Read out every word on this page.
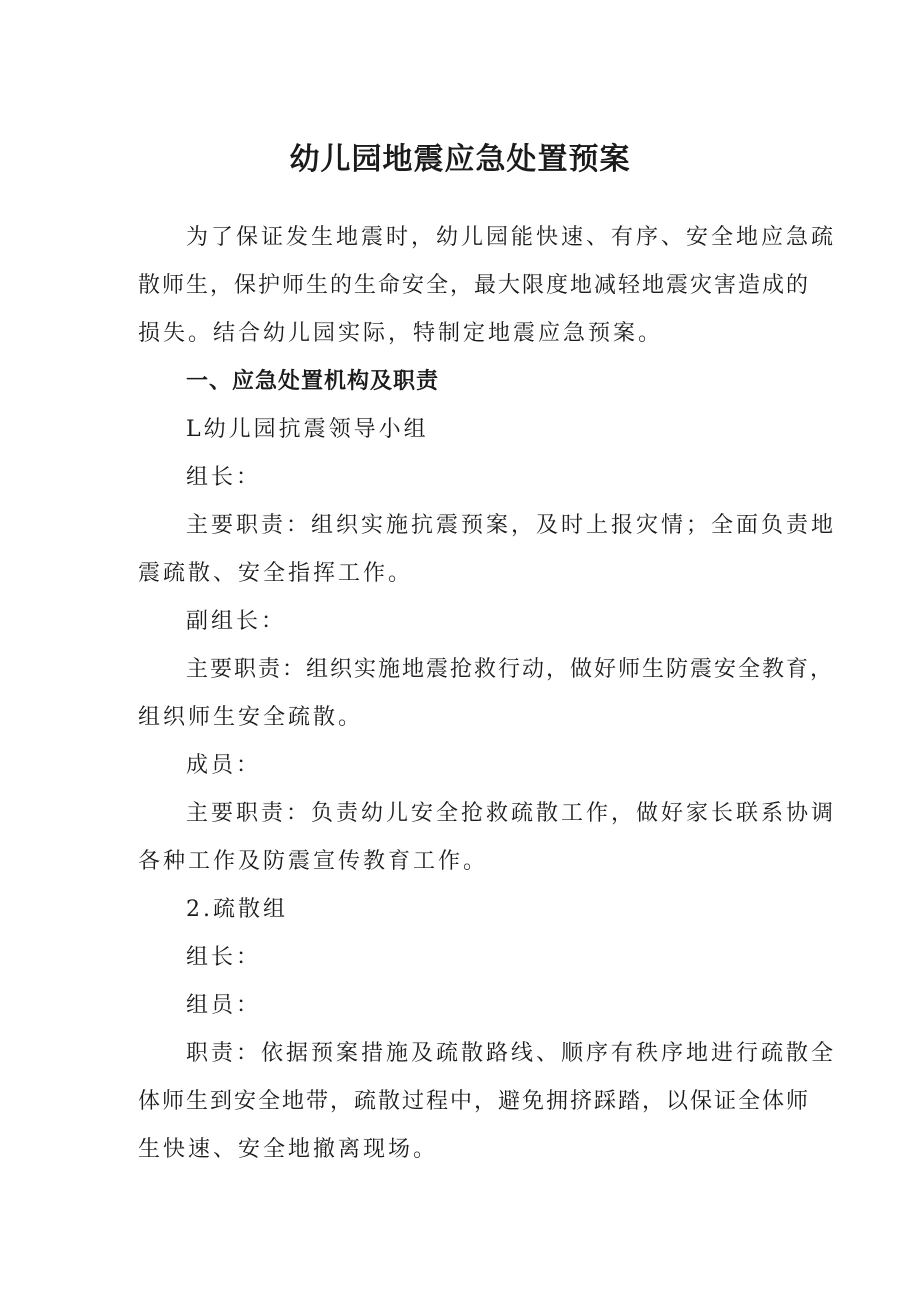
幼儿园地震应急处置预案
为了保证发生地震时，幼儿园能快速、有序、安全地应急疏
散师生，保护师生的生命安全，最大限度地减轻地震灾害造成的
损失。结合幼儿园实际，特制定地震应急预案。
一、应急处置机构及职责
L幼儿园抗震领导小组
组长：
主要职责：组织实施抗震预案，及时上报灾情；全面负责地
震疏散、安全指挥工作。
副组长：
主要职责：组织实施地震抢救行动，做好师生防震安全教育，
组织师生安全疏散。
成员：
主要职责：负责幼儿安全抢救疏散工作，做好家长联系协调
各种工作及防震宣传教育工作。
2.疏散组
组长：
组员：
职责：依据预案措施及疏散路线、顺序有秩序地进行疏散全
体师生到安全地带，疏散过程中，避免拥挤踩踏，以保证全体师
生快速、安全地撤离现场。
